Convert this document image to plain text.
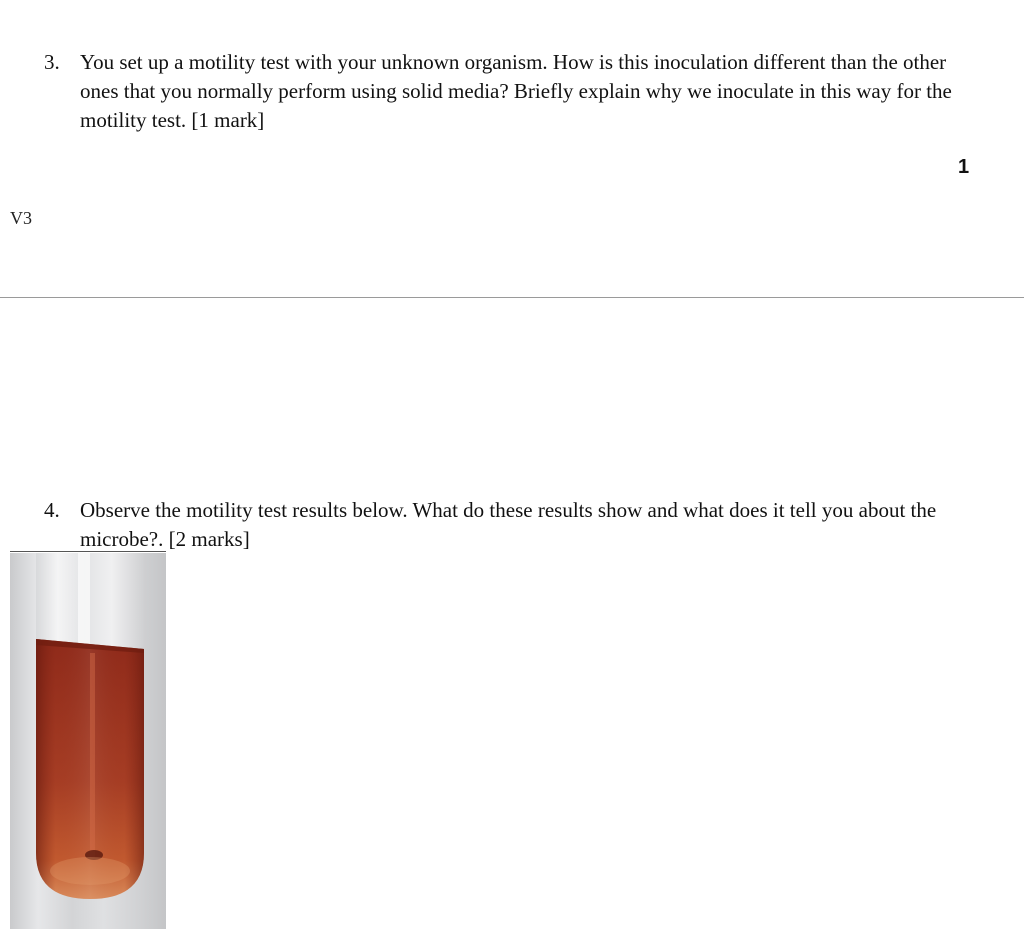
3. You set up a motility test with your unknown organism. How is this inoculation different than the other ones that you normally perform using solid media? Briefly explain why we inoculate in this way for the motility test. [1 mark]
1
V3
4. Observe the motility test results below. What do these results show and what does it tell you about the microbe?. [2 marks]
